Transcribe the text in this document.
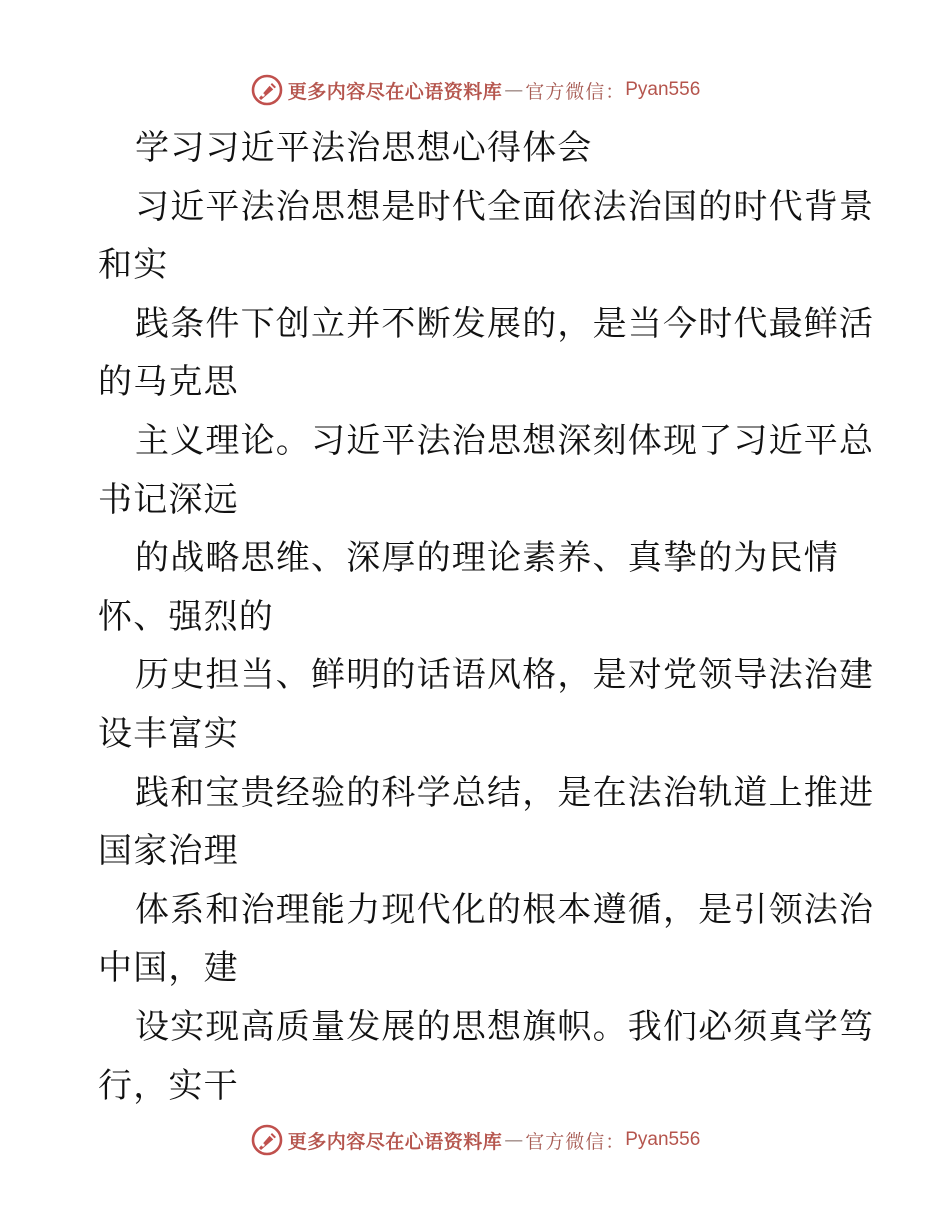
更多内容尽在心语资料库 — 官方微信： Pyan556
学习习近平法治思想心得体会
习近平法治思想是时代全面依法治国的时代背景
和实
践条件下创立并不断发展的，是当今时代最鲜活
的马克思
主义理论。习近平法治思想深刻体现了习近平总
书记深远
的战略思维、深厚的理论素养、真挚的为民情
怀、强烈的
历史担当、鲜明的话语风格，是对党领导法治建
设丰富实
践和宝贵经验的科学总结，是在法治轨道上推进
国家治理
体系和治理能力现代化的根本遵循，是引领法治
中国，建
设实现高质量发展的思想旗帜。我们必须真学笃
行，实干
更多内容尽在心语资料库 — 官方微信： Pyan556
